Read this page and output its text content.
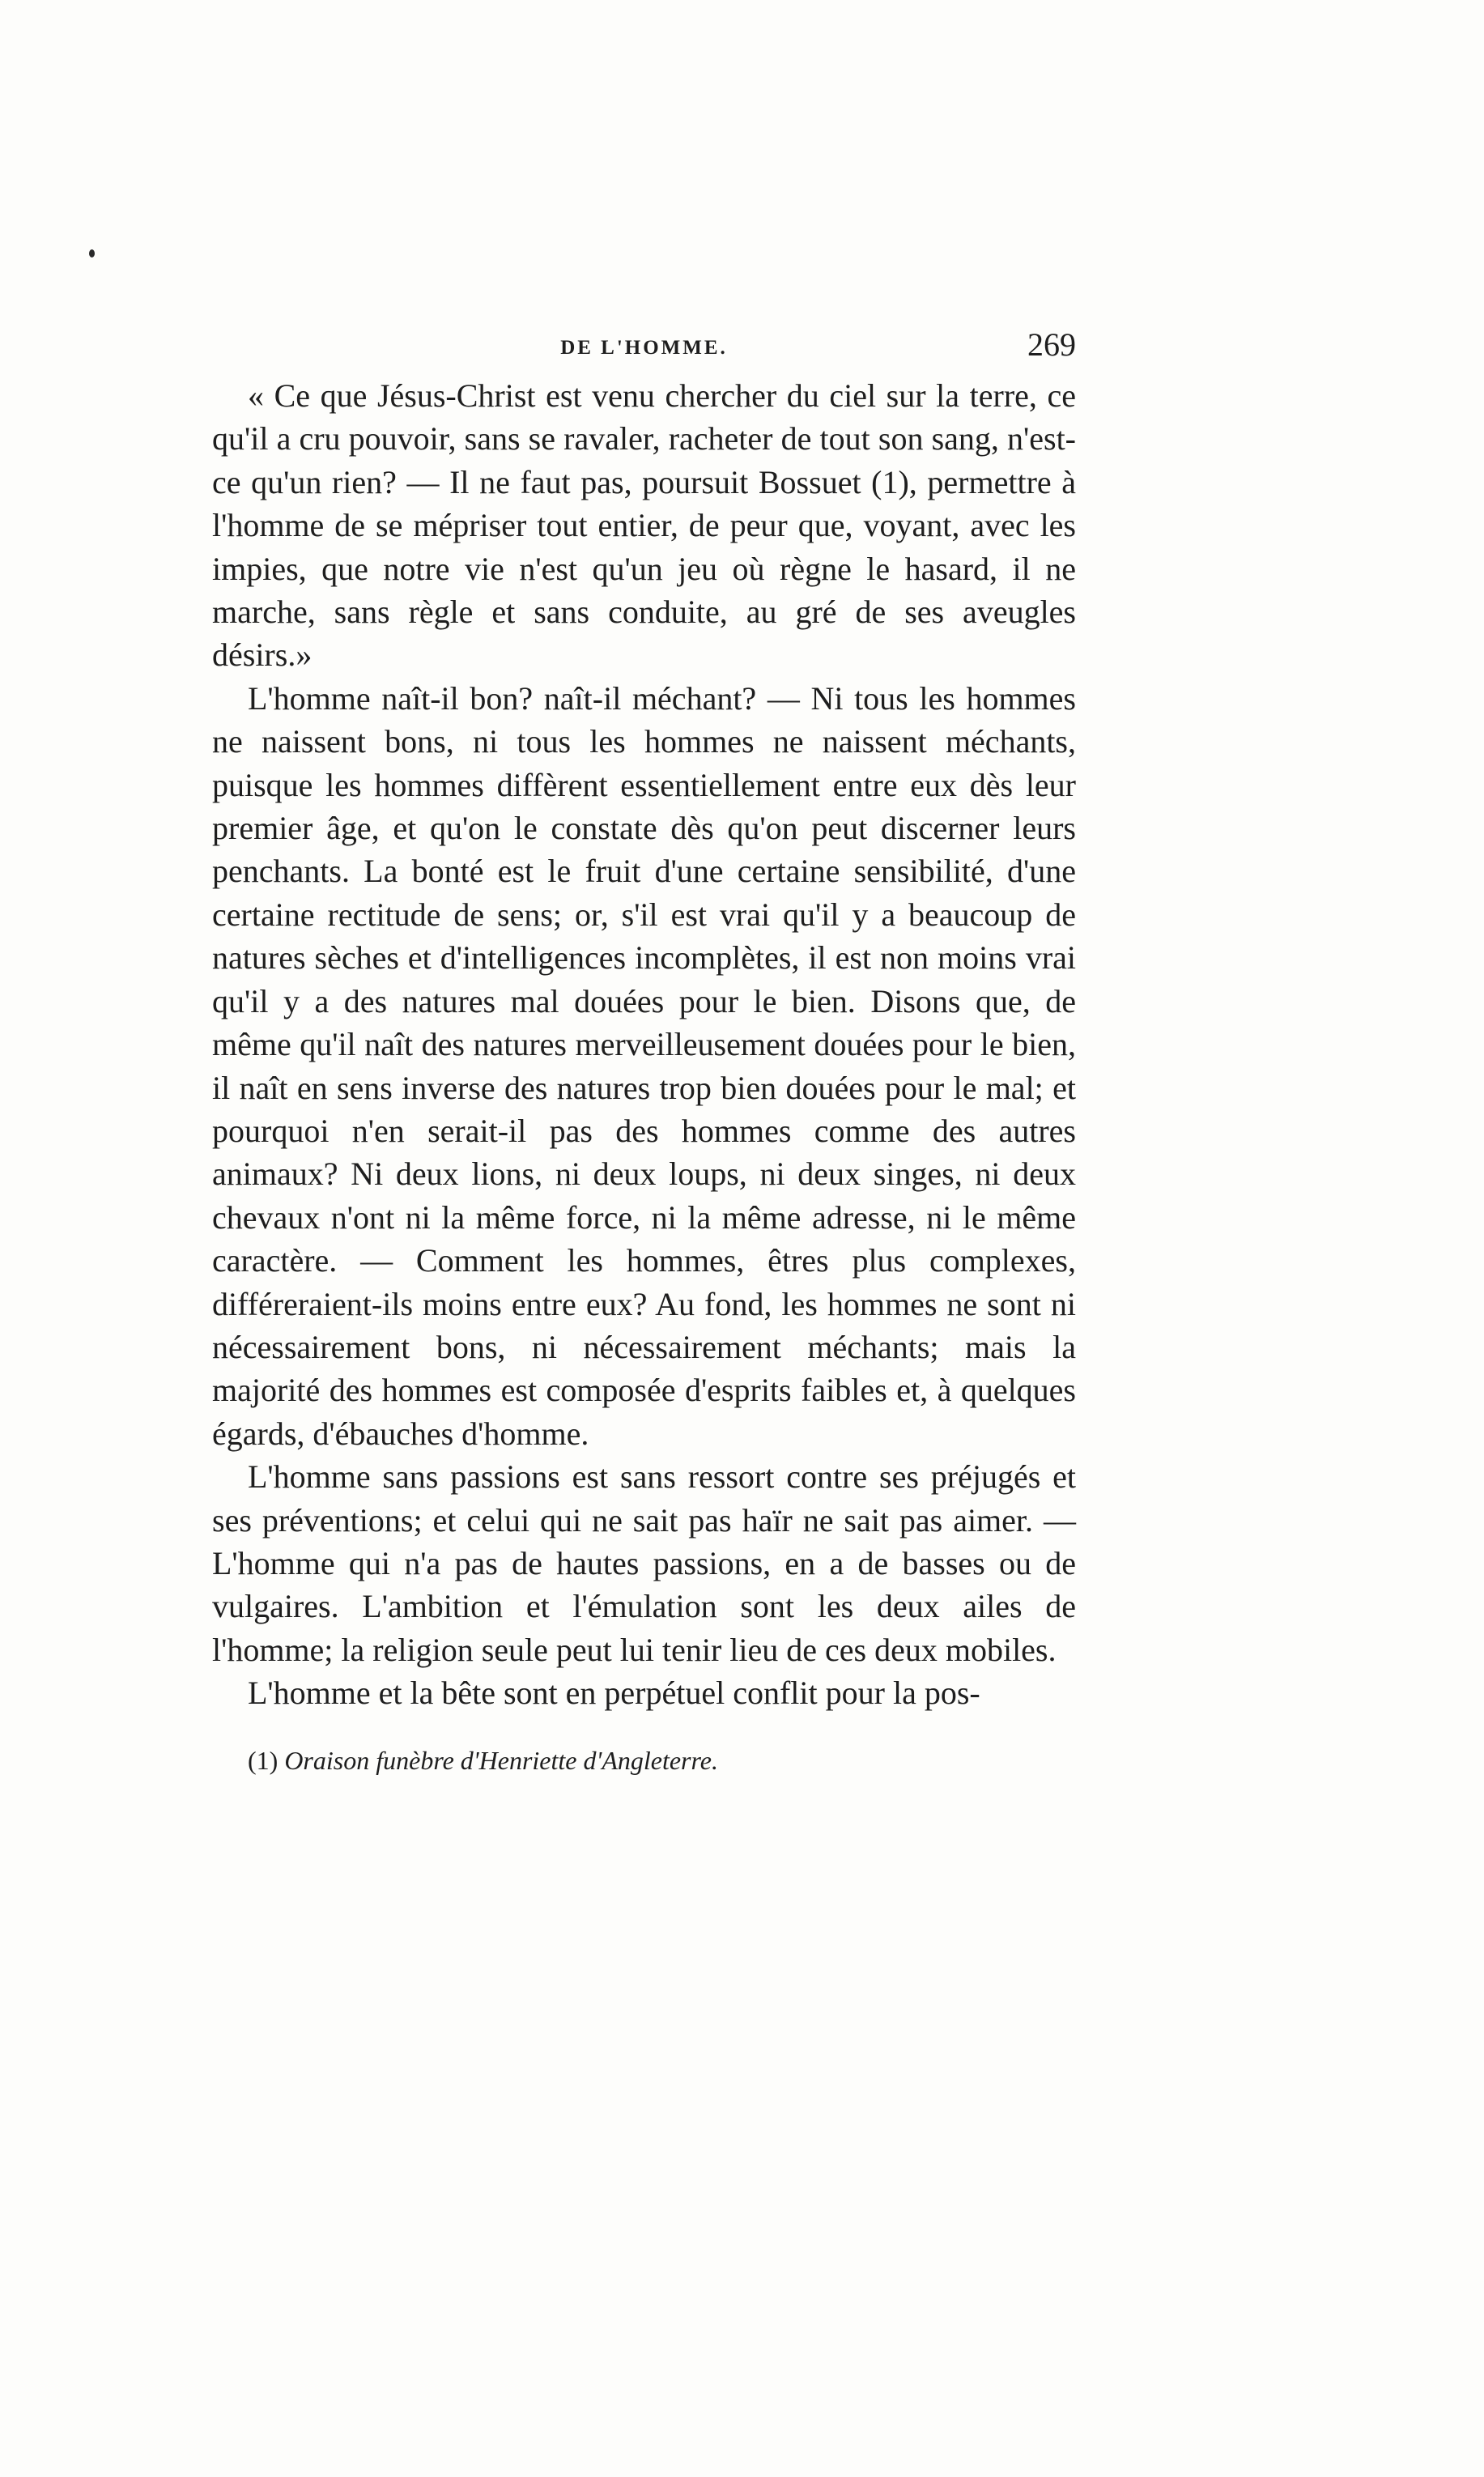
DE L'HOMME.	269

« Ce que Jésus-Christ est venu chercher du ciel sur la terre, ce qu'il a cru pouvoir, sans se ravaler, racheter de tout son sang, n'est-ce qu'un rien? — Il ne faut pas, poursuit Bossuet (1), permettre à l'homme de se mépriser tout entier, de peur que, voyant, avec les impies, que notre vie n'est qu'un jeu où règne le hasard, il ne marche, sans règle et sans conduite, au gré de ses aveugles désirs.»

L'homme naît-il bon? naît-il méchant? — Ni tous les hommes ne naissent bons, ni tous les hommes ne naissent méchants, puisque les hommes diffèrent essentiellement entre eux dès leur premier âge, et qu'on le constate dès qu'on peut discerner leurs penchants. La bonté est le fruit d'une certaine sensibilité, d'une certaine rectitude de sens; or, s'il est vrai qu'il y a beaucoup de natures sèches et d'intelligences incomplètes, il est non moins vrai qu'il y a des natures mal douées pour le bien. Disons que, de même qu'il naît des natures merveilleusement douées pour le bien, il naît en sens inverse des natures trop bien douées pour le mal; et pourquoi n'en serait-il pas des hommes comme des autres animaux? Ni deux lions, ni deux loups, ni deux singes, ni deux chevaux n'ont ni la même force, ni la même adresse, ni le même caractère. — Comment les hommes, êtres plus complexes, différeraient-ils moins entre eux? Au fond, les hommes ne sont ni nécessairement bons, ni nécessairement méchants; mais la majorité des hommes est composée d'esprits faibles et, à quelques égards, d'ébauches d'homme.

L'homme sans passions est sans ressort contre ses préjugés et ses préventions; et celui qui ne sait pas haïr ne sait pas aimer. — L'homme qui n'a pas de hautes passions, en a de basses ou de vulgaires. L'ambition et l'émulation sont les deux ailes de l'homme; la religion seule peut lui tenir lieu de ces deux mobiles.

L'homme et la bête sont en perpétuel conflit pour la pos-

(1) Oraison funèbre d'Henriette d'Angleterre.
